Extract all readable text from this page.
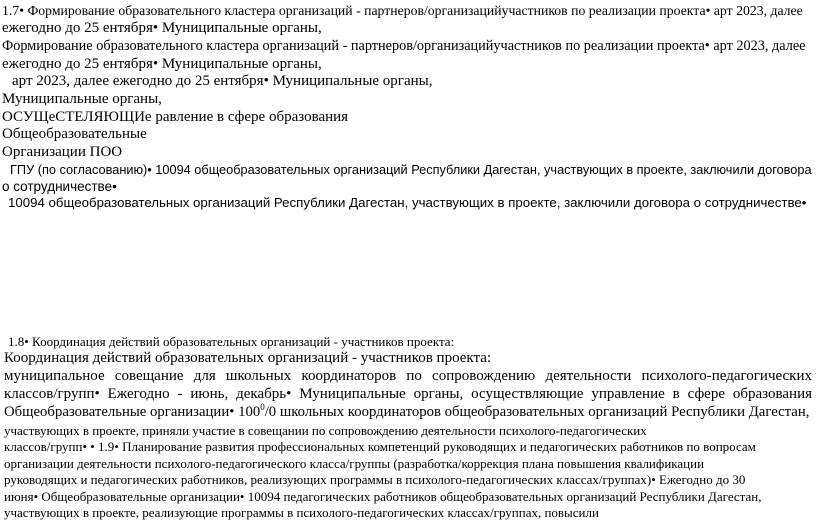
1.7• Формирование образовательного кластера организаций - партнеров/организацийучастников по реализации проекта• арт 2023, далее
ежегодно до 25 ентября• Муниципальные органы,
Формирование образовательного кластера организаций - партнеров/организацийучастников по реализации проекта• арт 2023, далее
ежегодно до 25 ентября• Муниципальные органы,
арт 2023, далее ежегодно до 25 ентября• Муниципальные органы,
Муниципальные органы,
ОСУЩеСТЕЛЯЮЩИе равление в сфере образования
Общеобразовательные
Организации ПОО
ГПУ (по согласованию)• 10094 общеобразовательных организаций Республики Дагестан, участвующих в проекте, заключили договора
о сотрудничестве•
10094 общеобразовательных организаций Республики Дагестан, участвующих в проекте, заключили договора о сотрудничестве•
1.8• Координация действий образовательных организаций - участников проекта:
Координация действий образовательных организаций - участников проекта:
муниципальное совещание для школьных координаторов по сопровождению деятельности психолого-педагогических
классов/групп• Ежегодно - июнь, декабрь• Муниципальные органы, осуществляющие управление в сфере образования
Общеобразовательные организации• $100^0/0$ школьных координаторов общеобразовательных организаций Республики Дагестан,
участвующих в проекте, приняли участие в совещании по сопровождению деятельности психолого-педагогических
классов/групп• • 1.9• Планирование развития профессиональных компетенций руководящих и педагогических работников по вопросам
организации деятельности психолого-педагогического класса/группы (разработка/коррекция плана повышения квалификации
руководящих и педагогических работников, реализующих программы в психолого-педагогических классах/группах)• Ежегодно до 30
июня• Общеобразовательные организации• 10094 педагогических работников общеобразовательных организаций Республики Дагестан,
участвующих в проекте, реализующие программы в психолого-педагогических классах/группах, повысили
